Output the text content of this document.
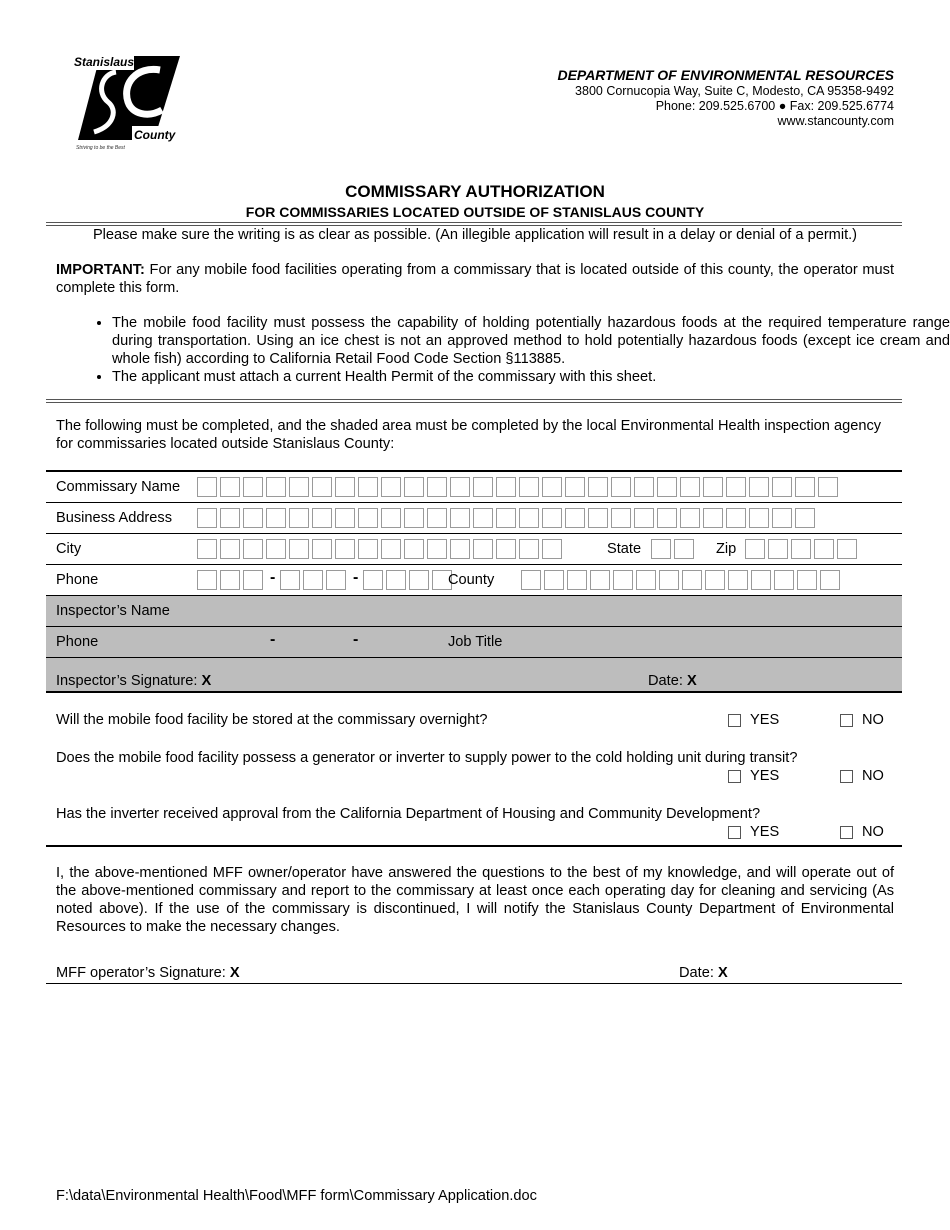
Stanislaus
County
Striving to be the Best
DEPARTMENT OF ENVIRONMENTAL RESOURCES
3800 Cornucopia Way, Suite C, Modesto, CA 95358-9492
Phone: 209.525.6700 ● Fax: 209.525.6774
www.stancounty.com
COMMISSARY AUTHORIZATION
FOR COMMISSARIES LOCATED OUTSIDE OF STANISLAUS COUNTY
Please make sure the writing is as clear as possible. (An illegible application will result in a delay or denial of a permit.)
IMPORTANT: For any mobile food facilities operating from a commissary that is located outside of this county, the operator must complete this form.
• The mobile food facility must possess the capability of holding potentially hazardous foods at the required temperature range during transportation. Using an ice chest is not an approved method to hold potentially hazardous foods (except ice cream and whole fish) according to California Retail Food Code Section §113885.
• The applicant must attach a current Health Permit of the commissary with this sheet.
The following must be completed, and the shaded area must be completed by the local Environmental Health inspection agency for commissaries located outside Stanislaus County:
Commissary Name
Business Address
City	State	Zip
Phone	-	-	County
Inspector’s Name
Phone	-	-	Job Title
Inspector’s Signature: X	Date: X
Will the mobile food facility be stored at the commissary overnight?	YES	NO
Does the mobile food facility possess a generator or inverter to supply power to the cold holding unit during transit?
YES	NO
Has the inverter received approval from the California Department of Housing and Community Development?
YES	NO
I, the above-mentioned MFF owner/operator have answered the questions to the best of my knowledge, and will operate out of the above-mentioned commissary and report to the commissary at least once each operating day for cleaning and servicing (As noted above). If the use of the commissary is discontinued, I will notify the Stanislaus County Department of Environmental Resources to make the necessary changes.
MFF operator’s Signature: X	Date: X
F:\data\Environmental Health\Food\MFF form\Commissary Application.doc
